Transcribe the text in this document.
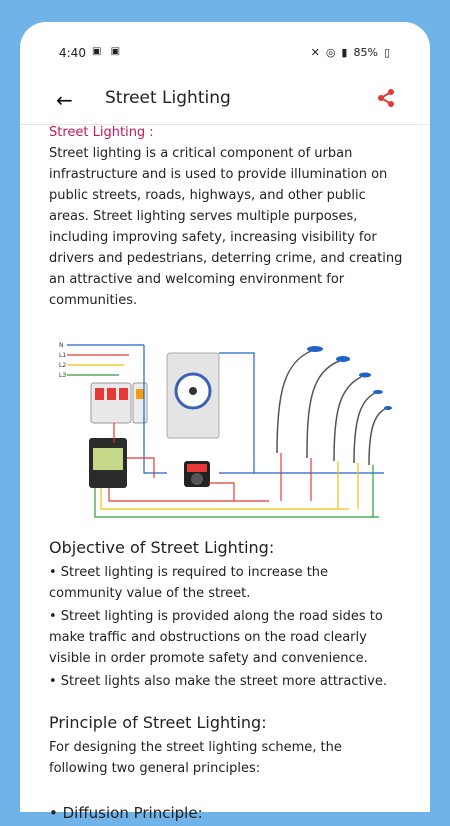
4:40 ▣ ▣	✕ ◎ ▮ 85% ▯
← Street Lighting
Street Lighting :

Street lighting is a critical component of urban infrastructure and is used to provide illumination on public streets, roads, highways, and other public areas. Street lighting serves multiple purposes, including improving safety, increasing visibility for drivers and pedestrians, deterring crime, and creating an attractive and welcoming environment for communities.

N
L1
L2
L3
Objective of Street Lighting:

• Street lighting is required to increase the community value of the street.

• Street lighting is provided along the road sides to make traffic and obstructions on the road clearly visible in order promote safety and convenience.

• Street lights also make the street more attractive.

Principle of Street Lighting:

For designing the street lighting scheme, the following two general principles:

• Diffusion Principle:
